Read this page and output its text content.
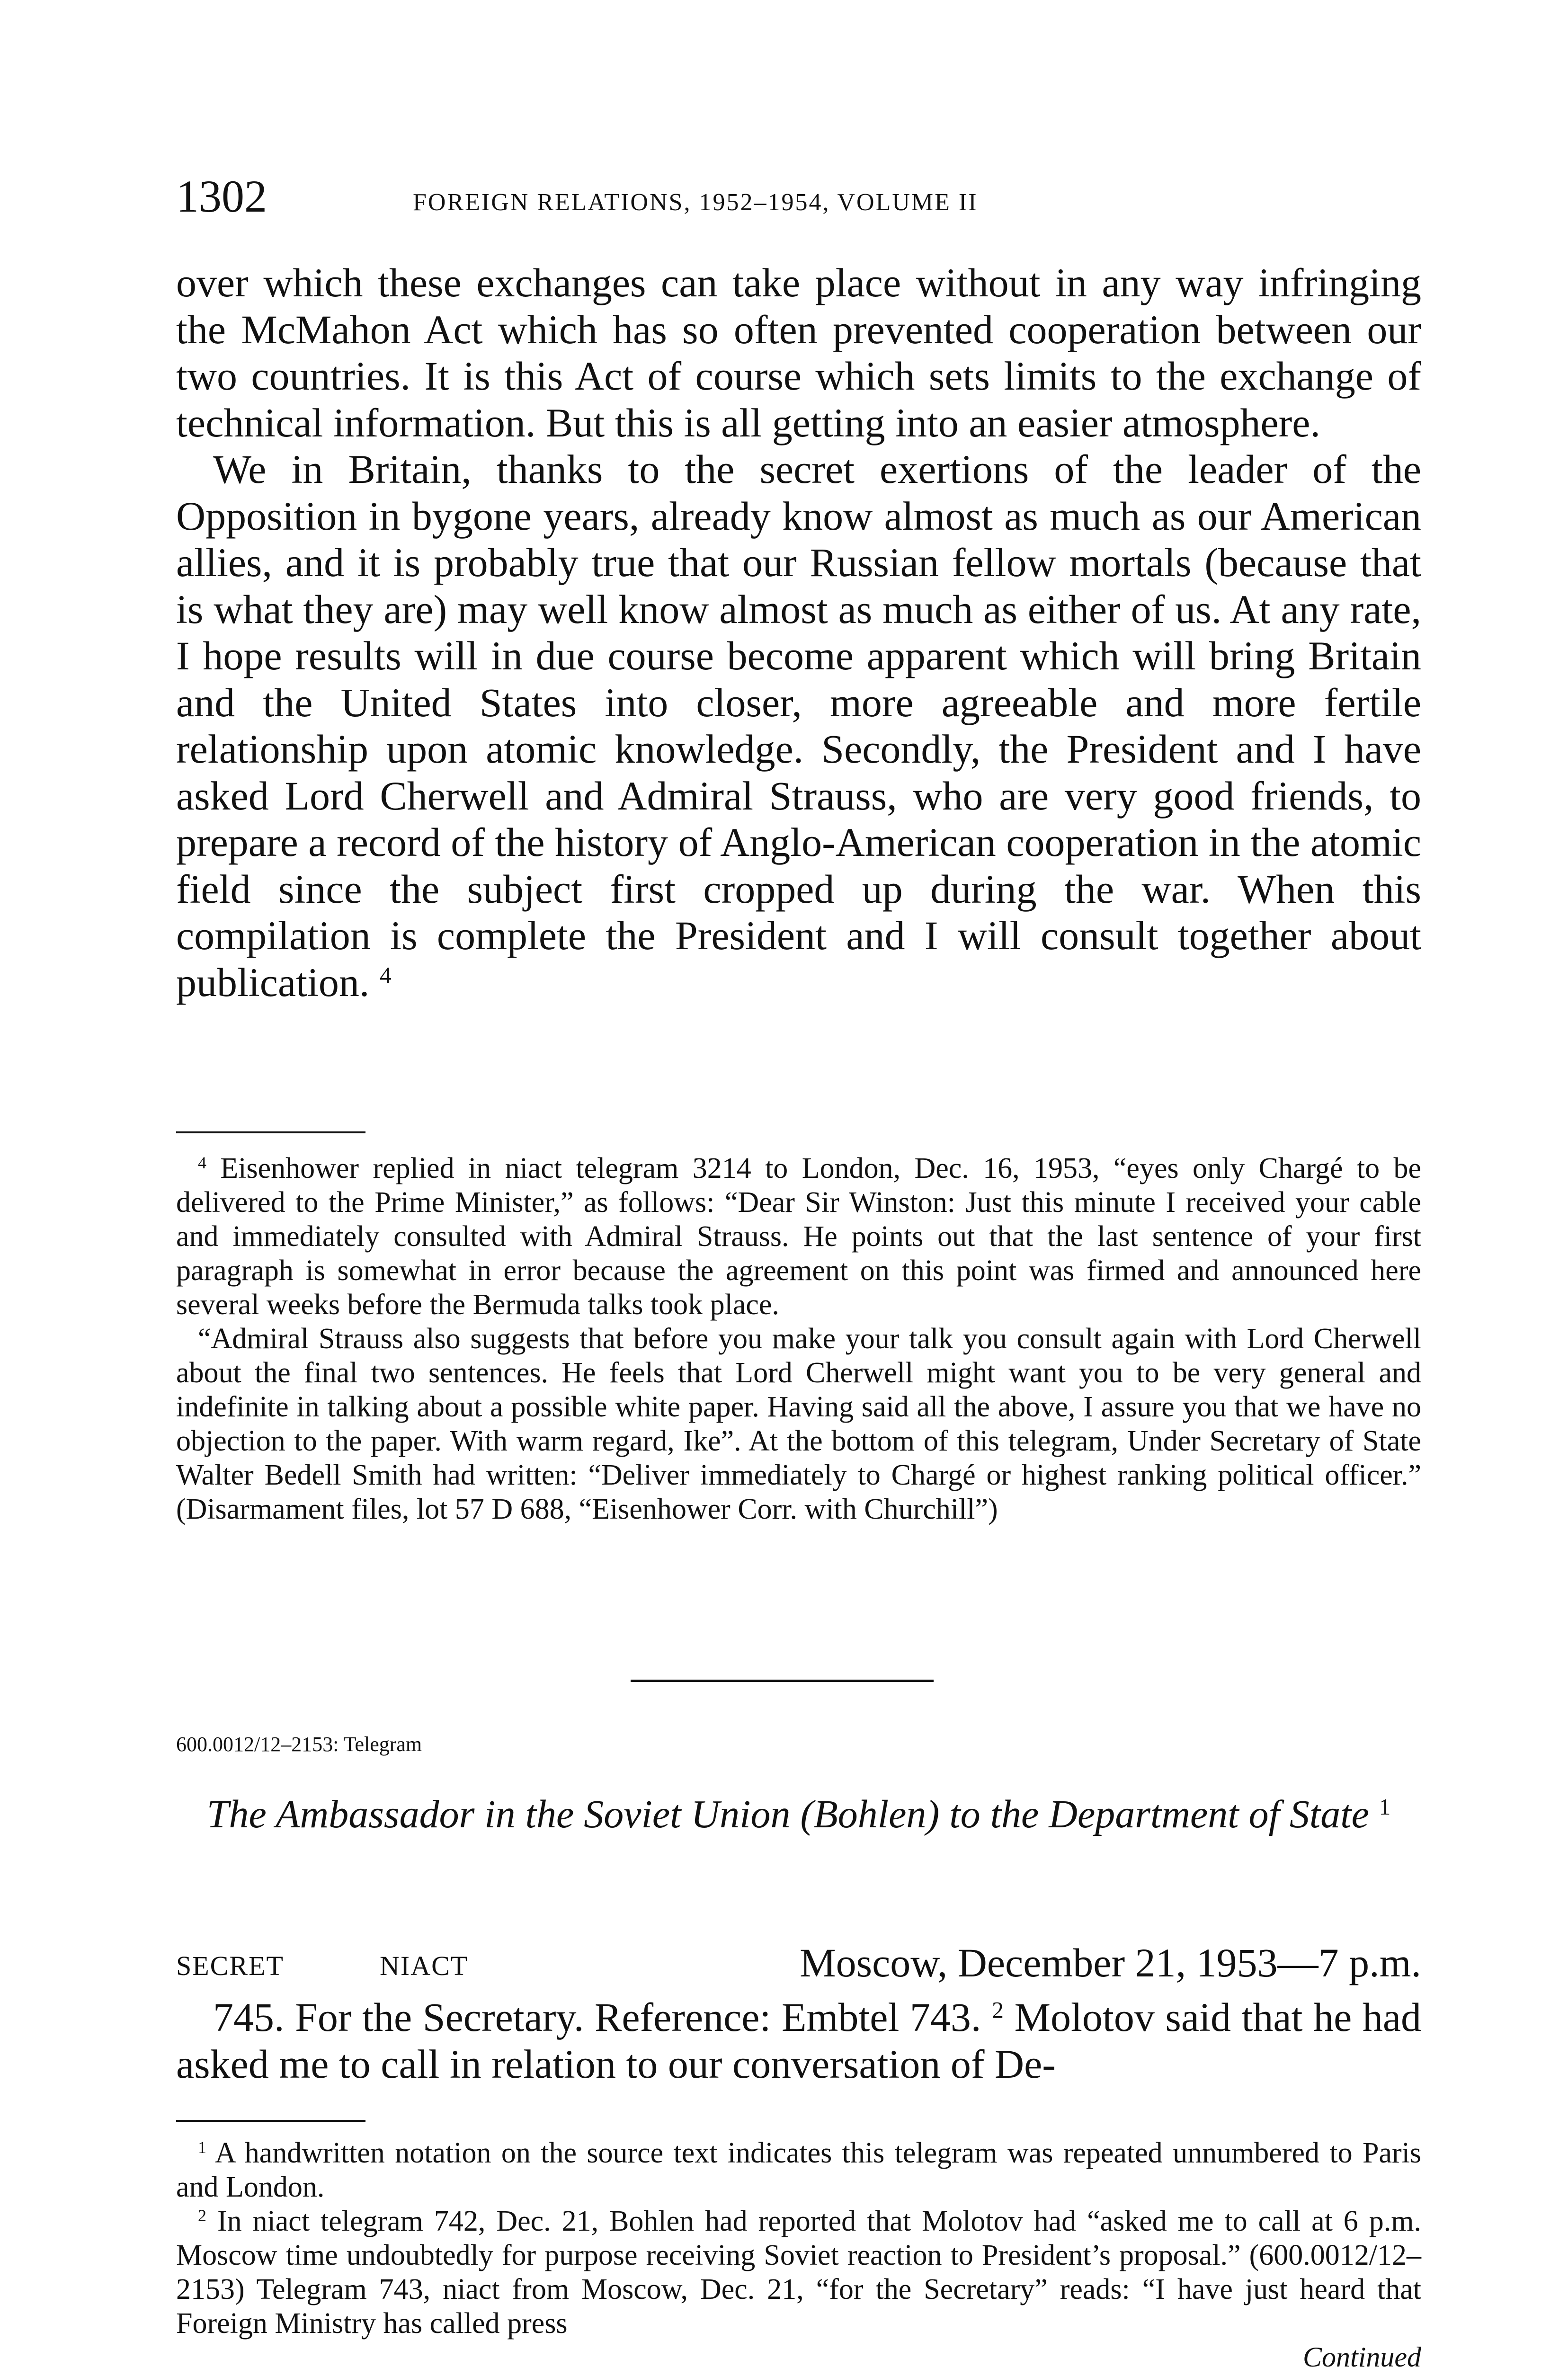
1302	FOREIGN RELATIONS, 1952–1954, VOLUME II

over which these exchanges can take place without in any way infringing the McMahon Act which has so often prevented cooperation between our two countries. It is this Act of course which sets limits to the exchange of technical information. But this is all getting into an easier atmosphere.

We in Britain, thanks to the secret exertions of the leader of the Opposition in bygone years, already know almost as much as our American allies, and it is probably true that our Russian fellow mortals (because that is what they are) may well know almost as much as either of us. At any rate, I hope results will in due course become apparent which will bring Britain and the United States into closer, more agreeable and more fertile relationship upon atomic knowledge. Secondly, the President and I have asked Lord Cherwell and Admiral Strauss, who are very good friends, to prepare a record of the history of Anglo-American cooperation in the atomic field since the subject first cropped up during the war. When this compilation is complete the President and I will consult together about publication. $^4$

$^4$ Eisenhower replied in niact telegram 3214 to London, Dec. 16, 1953, “eyes only Chargé to be delivered to the Prime Minister,” as follows: “Dear Sir Winston: Just this minute I received your cable and immediately consulted with Admiral Strauss. He points out that the last sentence of your first paragraph is somewhat in error because the agreement on this point was firmed and announced here several weeks before the Bermuda talks took place.

“Admiral Strauss also suggests that before you make your talk you consult again with Lord Cherwell about the final two sentences. He feels that Lord Cherwell might want you to be very general and indefinite in talking about a possible white paper. Having said all the above, I assure you that we have no objection to the paper. With warm regard, Ike”. At the bottom of this telegram, Under Secretary of State Walter Bedell Smith had written: “Deliver immediately to Chargé or highest ranking political officer.” (Disarmament files, lot 57 D 688, “Eisenhower Corr. with Churchill”)

600.0012/12–2153: Telegram

The Ambassador in the Soviet Union (Bohlen) to the Department of State $^1$

SECRET	NIACT	Moscow, December 21, 1953—7 p.m.

745. For the Secretary. Reference: Embtel 743. $^2$ Molotov said that he had asked me to call in relation to our conversation of De-

$^1$ A handwritten notation on the source text indicates this telegram was repeated unnumbered to Paris and London.

$^2$ In niact telegram 742, Dec. 21, Bohlen had reported that Molotov had “asked me to call at 6 p.m. Moscow time undoubtedly for purpose receiving Soviet reaction to President’s proposal.” (600.0012/12–2153) Telegram 743, niact from Moscow, Dec. 21, “for the Secretary” reads: “I have just heard that Foreign Ministry has called press

Continued
